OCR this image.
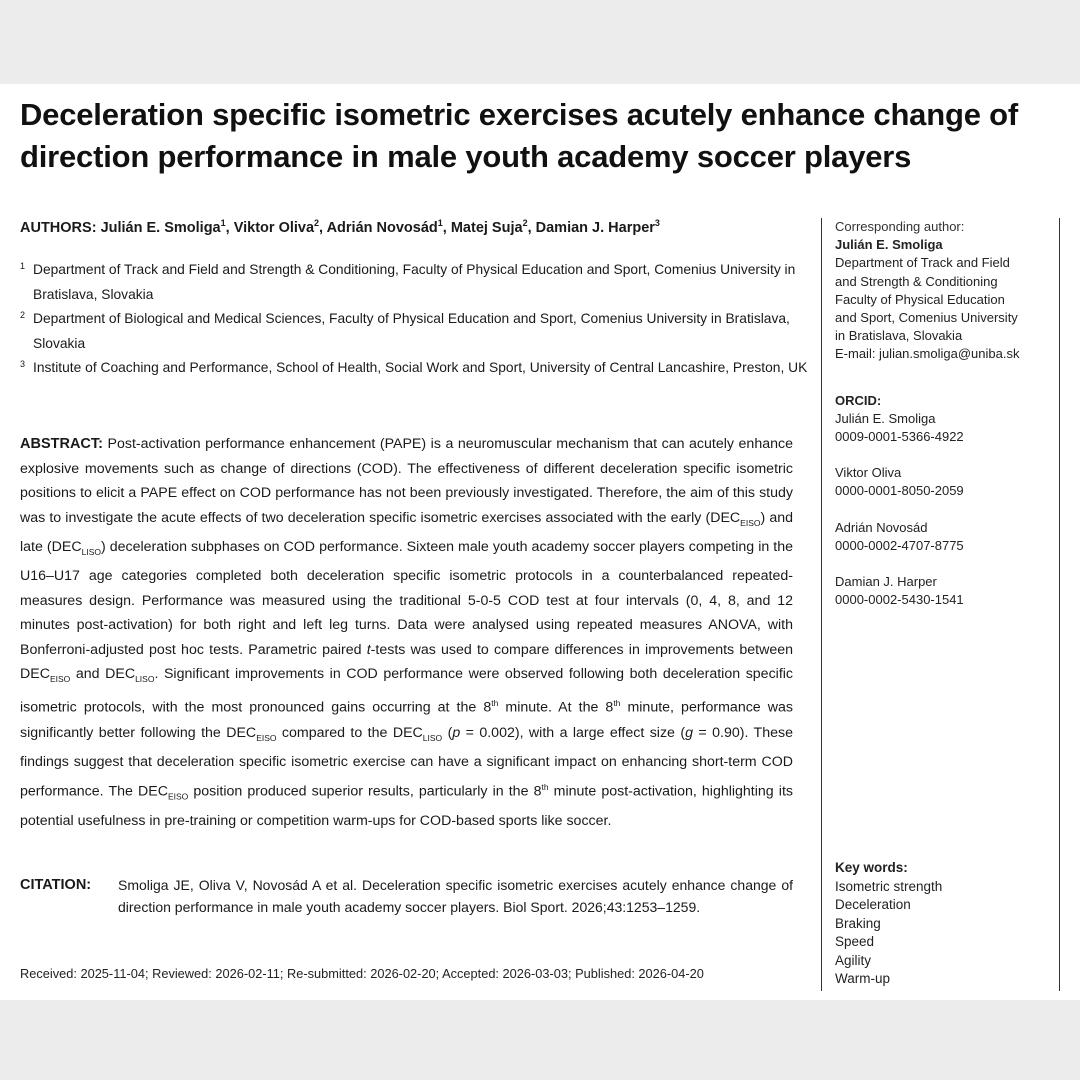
Deceleration specific isometric exercises acutely enhance change of direction performance in male youth academy soccer players
AUTHORS: Julián E. Smoliga$^1$, Viktor Oliva$^2$, Adrián Novosád$^1$, Matej Suja$^2$, Damian J. Harper$^3$
1 Department of Track and Field and Strength & Conditioning, Faculty of Physical Education and Sport, Comenius University in Bratislava, Slovakia
2 Department of Biological and Medical Sciences, Faculty of Physical Education and Sport, Comenius University in Bratislava, Slovakia
3 Institute of Coaching and Performance, School of Health, Social Work and Sport, University of Central Lancashire, Preston, UK
ABSTRACT: Post-activation performance enhancement (PAPE) is a neuromuscular mechanism that can acutely enhance explosive movements such as change of directions (COD). The effectiveness of different deceleration specific isometric positions to elicit a PAPE effect on COD performance has not been previously investigated. Therefore, the aim of this study was to investigate the acute effects of two deceleration specific isometric exercises associated with the early $(DEC_{EISO})$ and late $(DEC_{LISO})$ deceleration subphases on COD performance. Sixteen male youth academy soccer players competing in the U16–U17 age categories completed both deceleration specific isometric protocols in a counterbalanced repeated-measures design. Performance was measured using the traditional 5-0-5 COD test at four intervals (0, 4, 8, and 12 minutes post-activation) for both right and left leg turns. Data were analysed using repeated measures ANOVA, with Bonferroni-adjusted post hoc tests. Parametric paired t-tests was used to compare differences in improvements between $DEC_{EISO}$ and $DEC_{LISO}$. Significant improvements in COD performance were observed following both deceleration specific isometric protocols, with the most pronounced gains occurring at the 8th minute. At the 8th minute, performance was significantly better following the $DEC_{EISO}$ compared to the $DEC_{LISO}$ (p = 0.002), with a large effect size (g = 0.90). These findings suggest that deceleration specific isometric exercise can have a significant impact on enhancing short-term COD performance. The $DEC_{EISO}$ position produced superior results, particularly in the 8th minute post-activation, highlighting its potential usefulness in pre-training or competition warm-ups for COD-based sports like soccer.
CITATION: Smoliga JE, Oliva V, Novosád A et al. Deceleration specific isometric exercises acutely enhance change of direction performance in male youth academy soccer players. Biol Sport. 2026;43:1253–1259.
Received: 2025-11-04; Reviewed: 2026-02-11; Re-submitted: 2026-02-20; Accepted: 2026-03-03; Published: 2026-04-20
Corresponding author:
Julián E. Smoliga
Department of Track and Field
and Strength & Conditioning
Faculty of Physical Education
and Sport, Comenius University
in Bratislava, Slovakia
E-mail: julian.smoliga@uniba.sk
ORCID:
Julián E. Smoliga
0009-0001-5366-4922
Viktor Oliva
0000-0001-8050-2059
Adrián Novosád
0000-0002-4707-8775
Damian J. Harper
0000-0002-5430-1541
Key words:
Isometric strength
Deceleration
Braking
Speed
Agility
Warm-up
